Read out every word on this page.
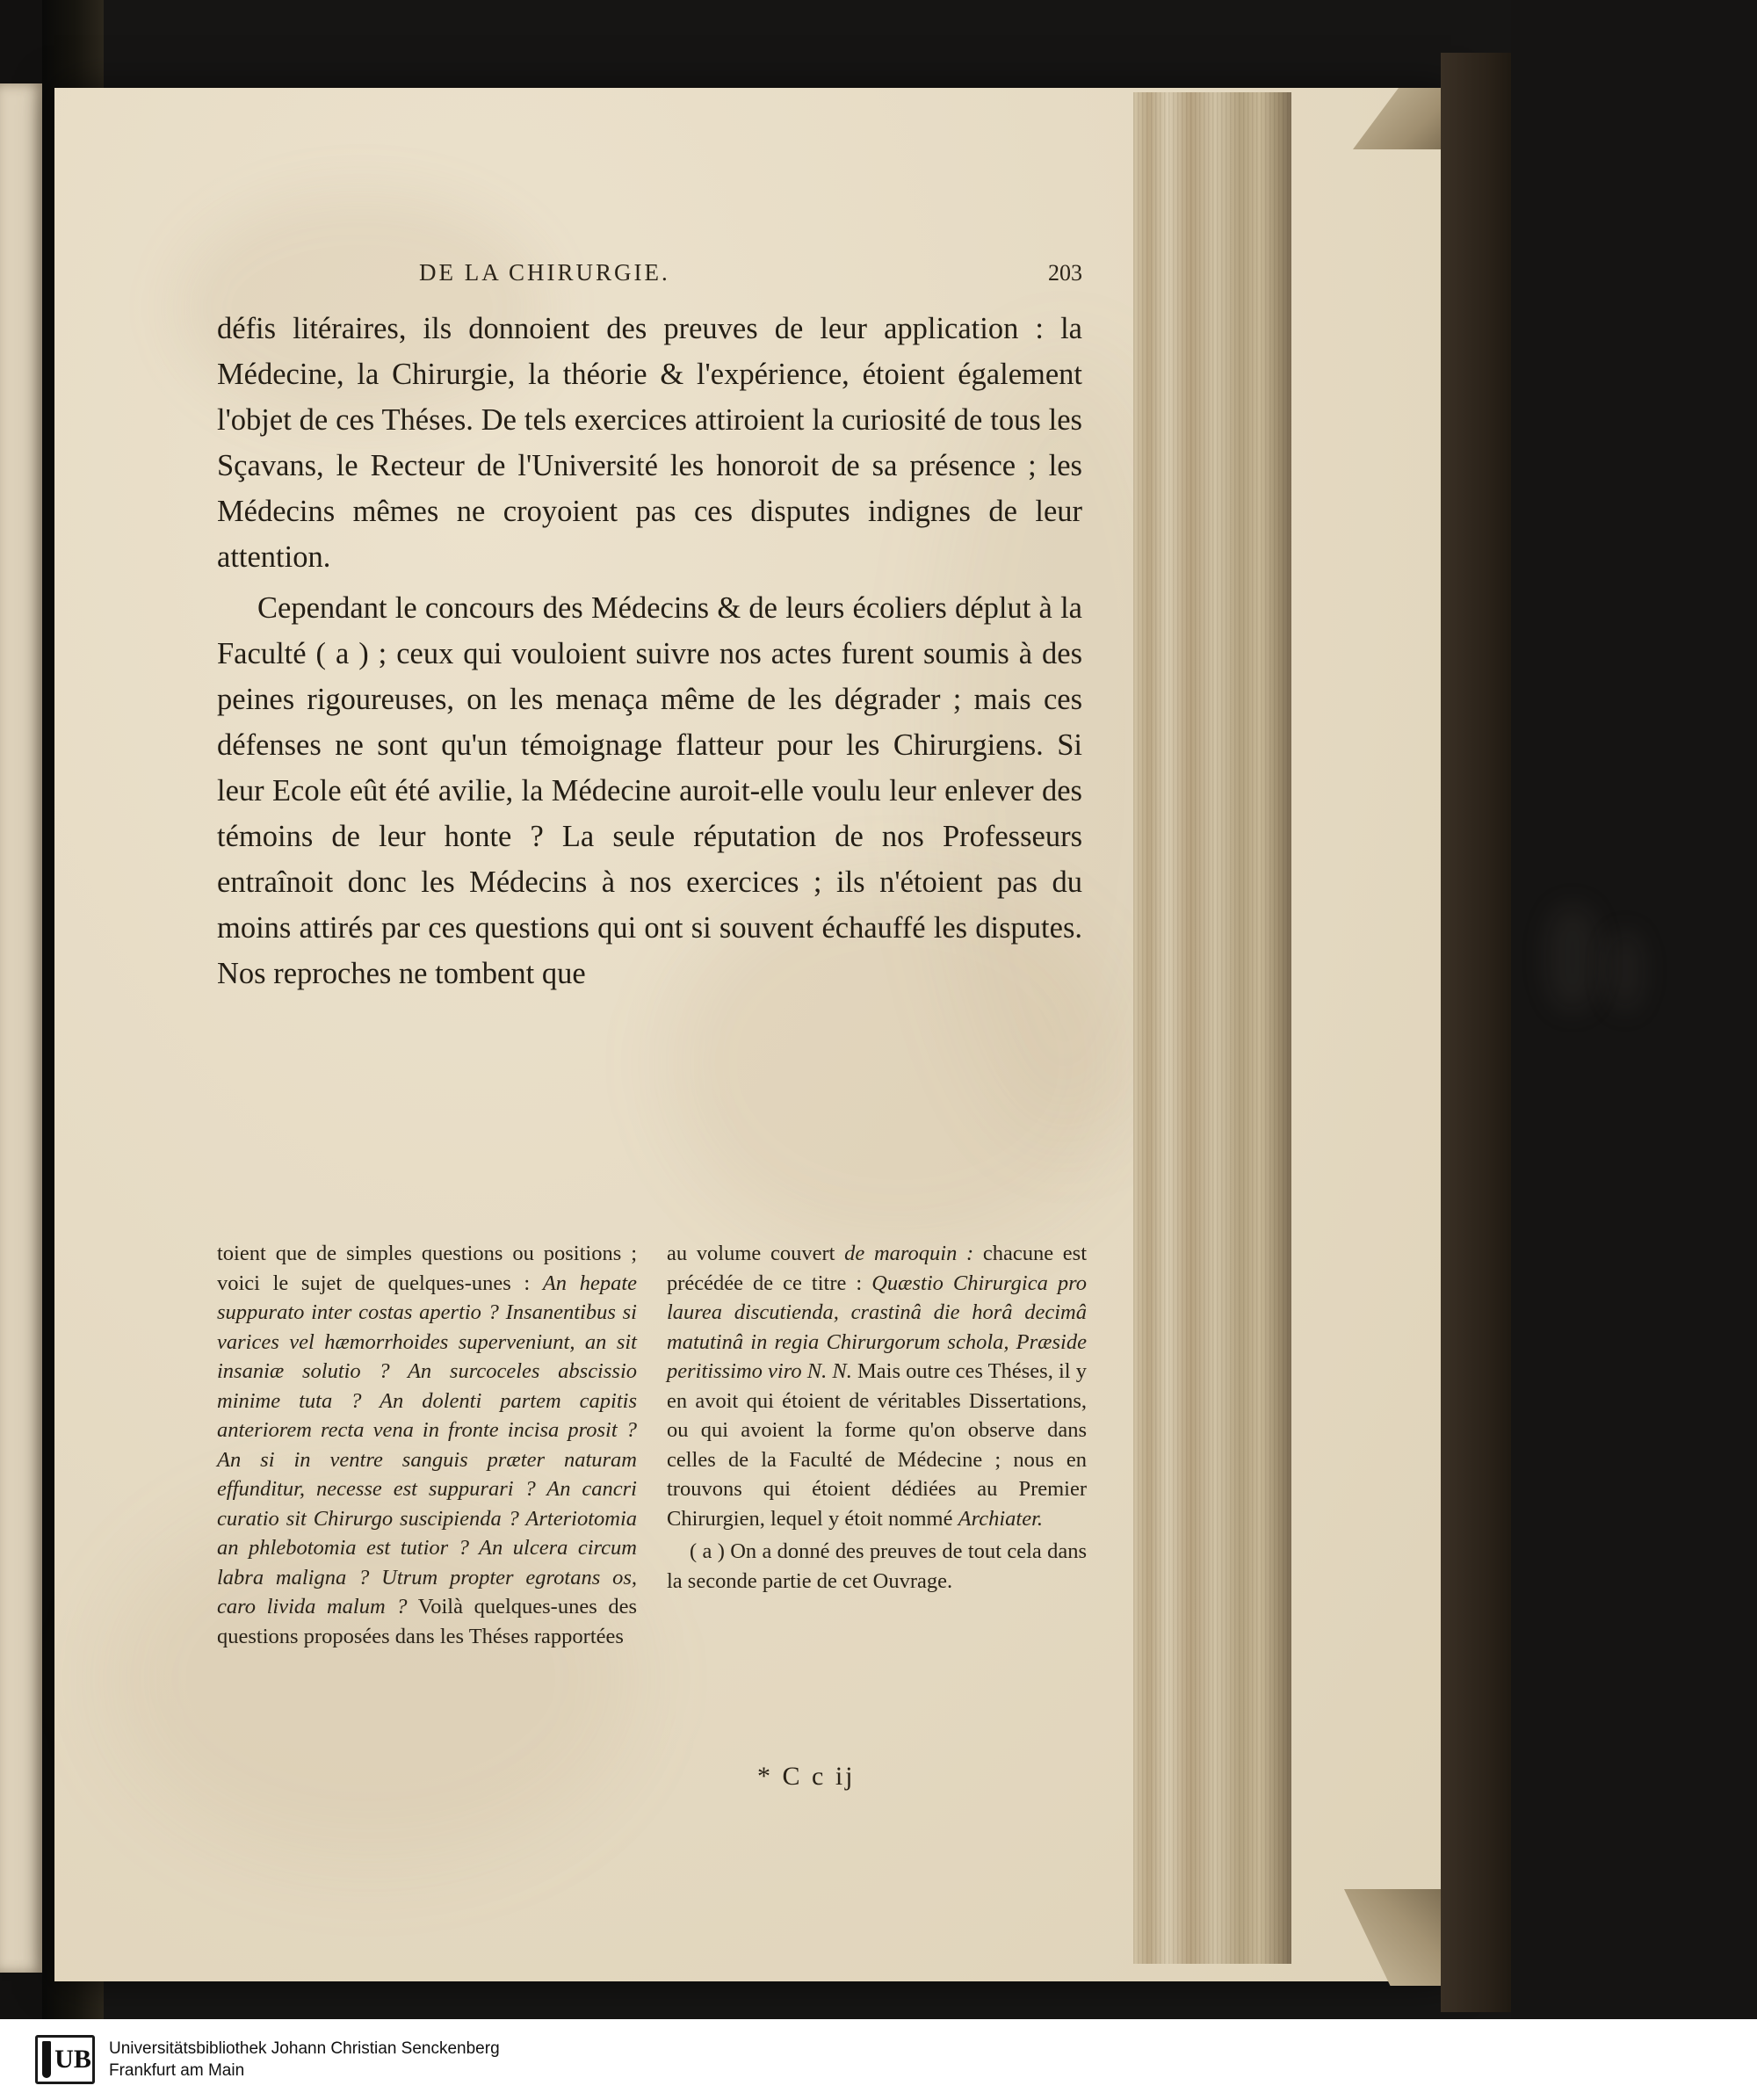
DE LA CHIRURGIE.	203

défis litéraires, ils donnoient des preuves de leur application : la Médecine, la Chirurgie, la théorie & l'expérience, étoient également l'objet de ces Théses. De tels exercices attiroient la curiosité de tous les Sçavans, le Recteur de l'Université les honoroit de sa présence ; les Médecins mêmes ne croyoient pas ces disputes indignes de leur attention.

Cependant le concours des Médecins & de leurs écoliers déplut à la Faculté ( a ) ; ceux qui vouloient suivre nos actes furent soumis à des peines rigoureuses, on les menaça même de les dégrader ; mais ces défenses ne sont qu'un témoignage flatteur pour les Chirurgiens. Si leur Ecole eût été avilie, la Médecine auroit-elle voulu leur enlever des témoins de leur honte ? La seule réputation de nos Professeurs entraînoit donc les Médecins à nos exercices ; ils n'étoient pas du moins attirés par ces questions qui ont si souvent échauffé les disputes. Nos reproches ne tombent que

toient que de simples questions ou positions ; voici le sujet de quelques-unes : An hepate suppurato inter costas apertio ? Insanentibus si varices vel hæmorrhoides superveniunt, an sit insaniæ solutio ? An surcoceles abscissio minime tuta ? An dolenti partem capitis anteriorem recta vena in fronte incisa prosit ? An si in ventre sanguis præter naturam effunditur, necesse est suppurari ? An cancri curatio sit Chirurgo suscipienda ? Arteriotomia an phlebotomia est tutior ? An ulcera circum labra maligna ? Utrum propter egrotans os, caro livida malum ? Voilà quelques-unes des questions proposées dans les Théses rapportées

au volume couvert de maroquin : chacune est précédée de ce titre : Quæstio Chirurgica pro laurea discutienda, crastinâ die horâ decimâ matutinâ in regia Chirurgorum schola, Præside peritissimo viro N. N. Mais outre ces Théses, il y en avoit qui étoient de véritables Dissertations, ou qui avoient la forme qu'on observe dans celles de la Faculté de Médecine ; nous en trouvons qui étoient dédiées au Premier Chirurgien, lequel y étoit nommé Archiater.

( a ) On a donné des preuves de tout cela dans la seconde partie de cet Ouvrage.

* C c ij
UB Universitätsbibliothek Johann Christian Senckenberg
Frankfurt am Main
